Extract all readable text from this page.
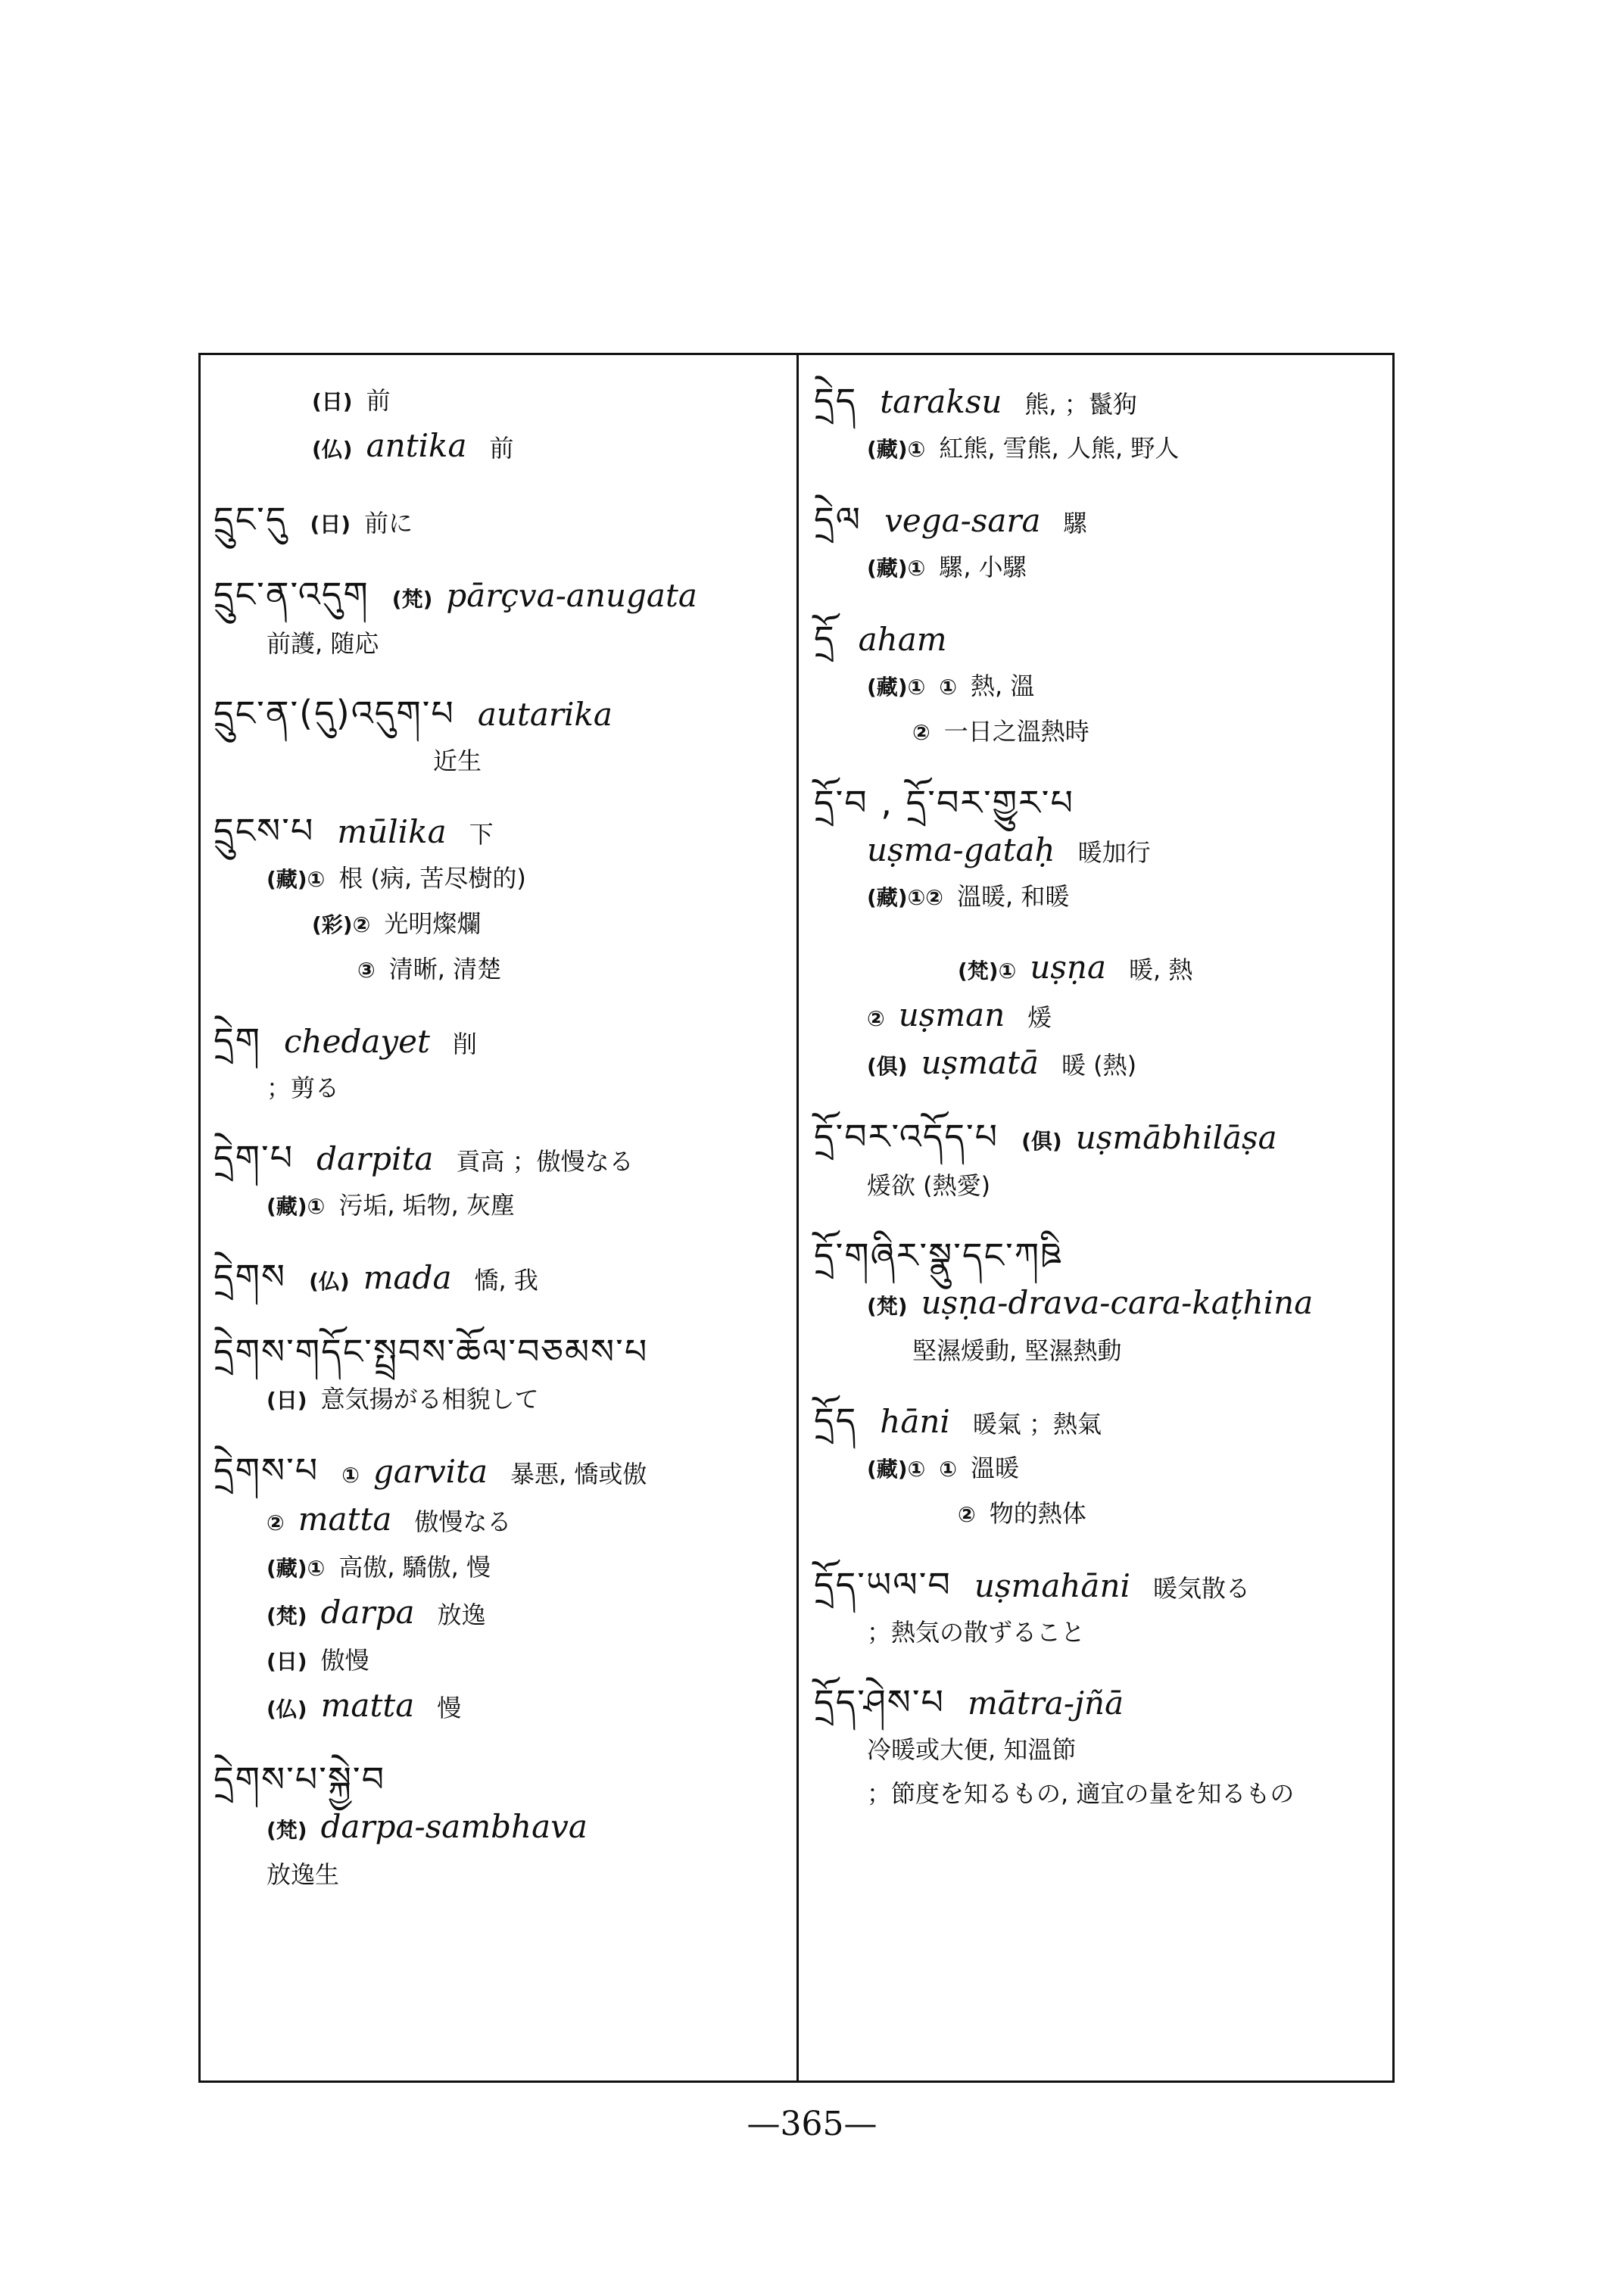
(日) 前
(仏) antika 前
དྲུང་དུ (日) 前に
དྲུང་ན་འདུག (梵) pārçva-anugata
前護, 随応
དྲུང་ན་(དུ)འདུག་པ autarika
近生
དྲུངས་པ mūlika 下
(藏)① 根 (病, 苦尽樹的)
(彩)② 光明燦爛
③ 清晰, 清楚
དྲེག chedayet 削
；剪る
དྲེག་པ darpita 貢高 ；傲慢なる
(藏)① 污垢, 垢物, 灰塵
དྲེགས (仏) mada 憍, 我
དྲེགས་གདོང་སྤྲབས་ཆོལ་བཅམས་པ
(日) 意気揚がる相貌して
དྲེགས་པ ① garvita 暴悪, 憍或傲
② matta 傲慢なる
(藏)① 高傲, 驕傲, 慢
(梵) darpa 放逸
(日) 傲慢
(仏) matta 慢
དྲེགས་པ་སྐྱེ་བ
(梵) darpa-sambhava
放逸生
དྲེད taraksu 熊, ；鬣狗
(藏)① 紅熊, 雪熊, 人熊, 野人
དྲེལ vega-sara 騾
(藏)① 騾, 小騾
དྲོ aham
(藏)① ① 熱, 溫
② 一日之溫熱時
དྲོ་བ , དྲོ་བར་གྱུར་པ
uṣma-gataḥ 暖加行
(藏)①② 溫暖, 和暖
(梵)① uṣṇa 暖, 熱
② uṣman 煖
(俱) uṣmatā 暖 (熱)
དྲོ་བར་འདོད་པ (俱) uṣmābhilāṣa
煖欲 (熱愛)
དྲོ་གཞིར་སྣུ་དང་ཀཋི
(梵) uṣṇa-drava-cara-kaṭhina
堅濕煖動, 堅濕熱動
དྲོད hāni 暖氣 ；熱氣
(藏)① ① 溫暖
② 物的熱体
དྲོད་ཡལ་བ uṣmahāni 暖気散る
；熱気の散ずること
དྲོད་ཤེས་པ mātra-jñā
冷暖或大便, 知溫節
；節度を知るもの, 適宜の量を知るもの
—365—
